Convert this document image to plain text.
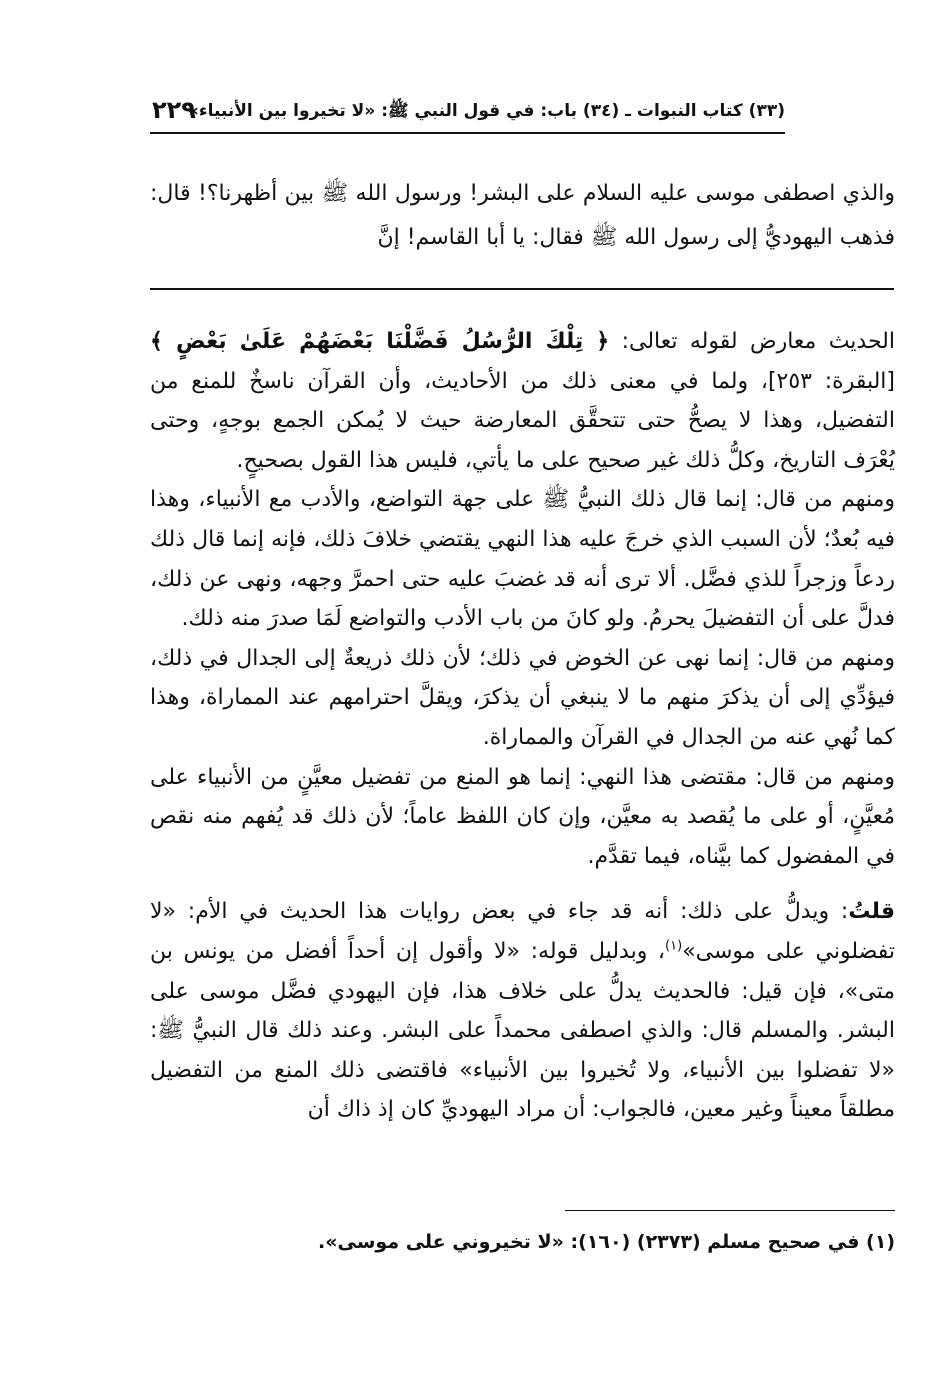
(٣٣) كتاب النبوات ـ (٣٤) باب: في قول النبي ﷺ: «لا تخيروا بين الأنبياء»
٢٢٩

والذي اصطفى موسى عليه السلام على البشر! ورسول الله ﷺ بين أظهرنا؟! قال: فذهب اليهوديُّ إلى رسول الله ﷺ فقال: يا أبا القاسم! إنَّ

الحديث معارض لقوله تعالى: ﴿ تِلْكَ الرُّسُلُ فَضَّلْنَا بَعْضَهُمْ عَلَىٰ بَعْضٍ ﴾ [البقرة: ٢٥٣]، ولما في معنى ذلك من الأحاديث، وأن القرآن ناسخٌ للمنع من التفضيل، وهذا لا يصحُّ حتى تتحقَّق المعارضة حيث لا يُمكن الجمع بوجهٍ، وحتى يُعْرَف التاريخ، وكلُّ ذلك غير صحيح على ما يأتي، فليس هذا القول بصحيحٍ.

ومنهم من قال: إنما قال ذلك النبيُّ ﷺ على جهة التواضع، والأدب مع الأنبياء، وهذا فيه بُعدٌ؛ لأن السبب الذي خرجَ عليه هذا النهي يقتضي خلافَ ذلك، فإنه إنما قال ذلك ردعاً وزجراً للذي فضَّل. ألا ترى أنه قد غضبَ عليه حتى احمرَّ وجهه، ونهى عن ذلك، فدلَّ على أن التفضيلَ يحرمُ. ولو كانَ من باب الأدب والتواضع لَمَا صدرَ منه ذلك.

ومنهم من قال: إنما نهى عن الخوض في ذلك؛ لأن ذلك ذريعةٌ إلى الجدال في ذلك، فيؤدِّي إلى أن يذكرَ منهم ما لا ينبغي أن يذكرَ، ويقلَّ احترامهم عند المماراة، وهذا كما نُهي عنه من الجدال في القرآن والمماراة.

ومنهم من قال: مقتضى هذا النهي: إنما هو المنع من تفضيل معيَّنٍ من الأنبياء على مُعيَّنٍ، أو على ما يُقصد به معيَّن، وإن كان اللفظ عاماً؛ لأن ذلك قد يُفهم منه نقص في المفضول كما بيَّناه، فيما تقدَّم.

قلتُ: ويدلُّ على ذلك: أنه قد جاء في بعض روايات هذا الحديث في الأم: «لا تفضلوني على موسى»$^{(١)}$، وبدليل قوله: «لا وأقول إن أحداً أفضل من يونس بن متى»، فإن قيل: فالحديث يدلُّ على خلاف هذا، فإن اليهودي فضَّل موسى على البشر. والمسلم قال: والذي اصطفى محمداً على البشر. وعند ذلك قال النبيُّ ﷺ: «لا تفضلوا بين الأنبياء، ولا تُخيروا بين الأنبياء» فاقتضى ذلك المنع من التفضيل مطلقاً معيناً وغير معين، فالجواب: أن مراد اليهوديِّ كان إذ ذاك أن

(١) في صحيح مسلم (٢٣٧٣) (١٦٠): «لا تخيروني على موسى».
